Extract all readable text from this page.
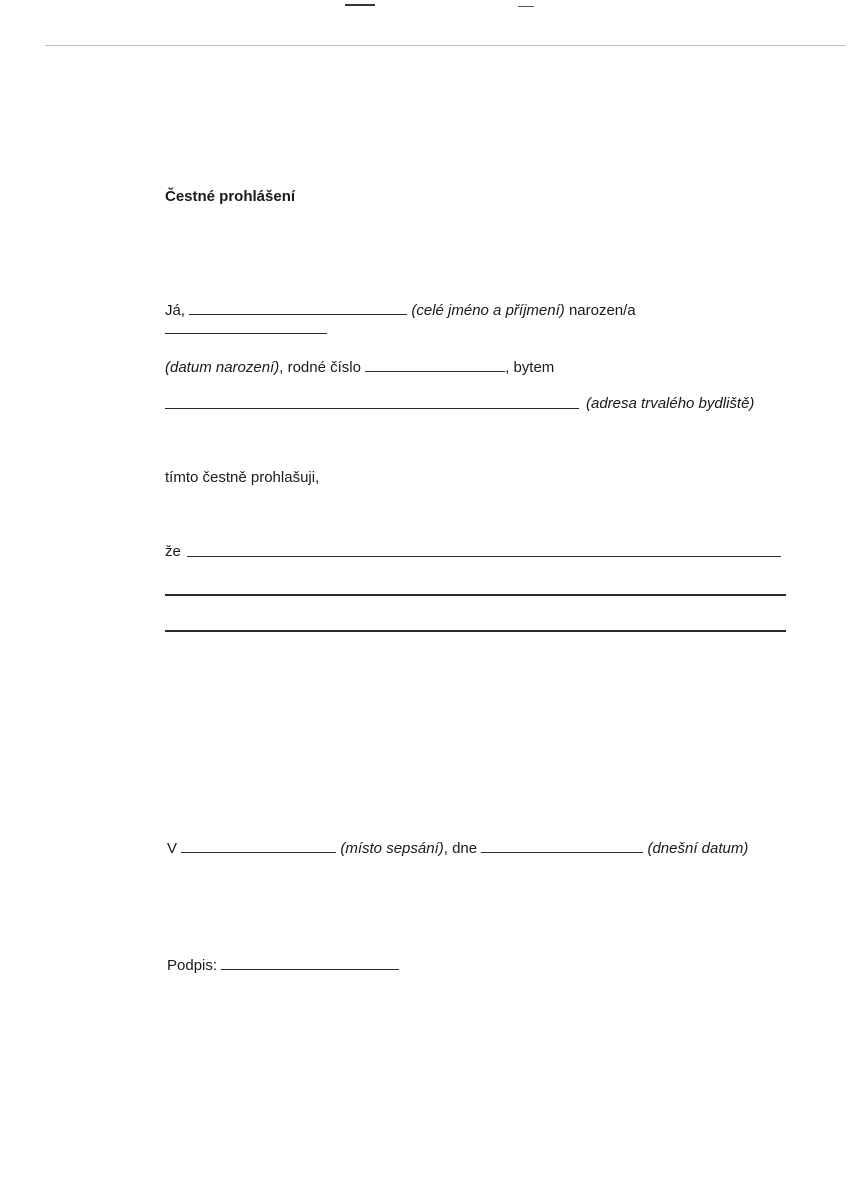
Čestné prohlášení
Já,	(celé jméno a příjmení) narozen/a
(datum narození), rodné číslo	, bytem
(adresa trvalého bydliště)
tímto čestně prohlašuji,
že
V	(místo sepsání), dne	(dnešní datum)
Podpis:
